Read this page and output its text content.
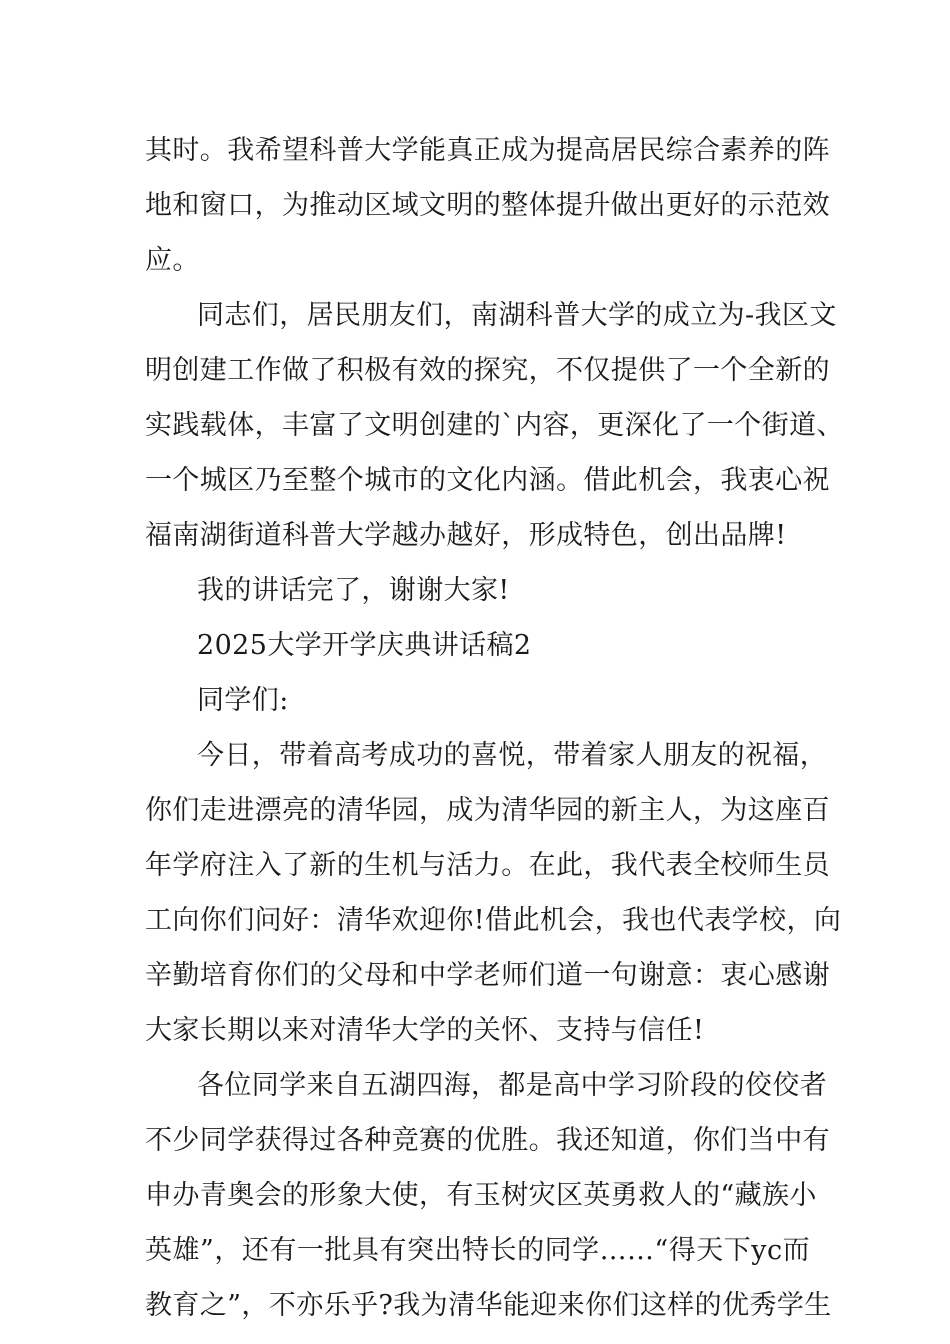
其时。我希望科普大学能真正成为提高居民综合素养的阵
地和窗口，为推动区域文明的整体提升做出更好的示范效
应。
同志们，居民朋友们，南湖科普大学的成立为-我区文
明创建工作做了积极有效的探究，不仅提供了一个全新的
实践载体，丰富了文明创建的`内容，更深化了一个街道、
一个城区乃至整个城市的文化内涵。借此机会，我衷心祝
福南湖街道科普大学越办越好，形成特色，创出品牌!
我的讲话完了，谢谢大家!
2025大学开学庆典讲话稿2
同学们:
今日，带着高考成功的喜悦，带着家人朋友的祝福，
你们走进漂亮的清华园，成为清华园的新主人，为这座百
年学府注入了新的生机与活力。在此，我代表全校师生员
工向你们问好：清华欢迎你!借此机会，我也代表学校，向
辛勤培育你们的父母和中学老师们道一句谢意：衷心感谢
大家长期以来对清华大学的关怀、支持与信任!
各位同学来自五湖四海，都是高中学习阶段的佼佼者
不少同学获得过各种竞赛的优胜。我还知道，你们当中有
申办青奥会的形象大使，有玉树灾区英勇救人的“藏族小
英雄”，还有一批具有突出特长的同学……“得天下yc而
教育之”，不亦乐乎?我为清华能迎来你们这样的优秀学生
